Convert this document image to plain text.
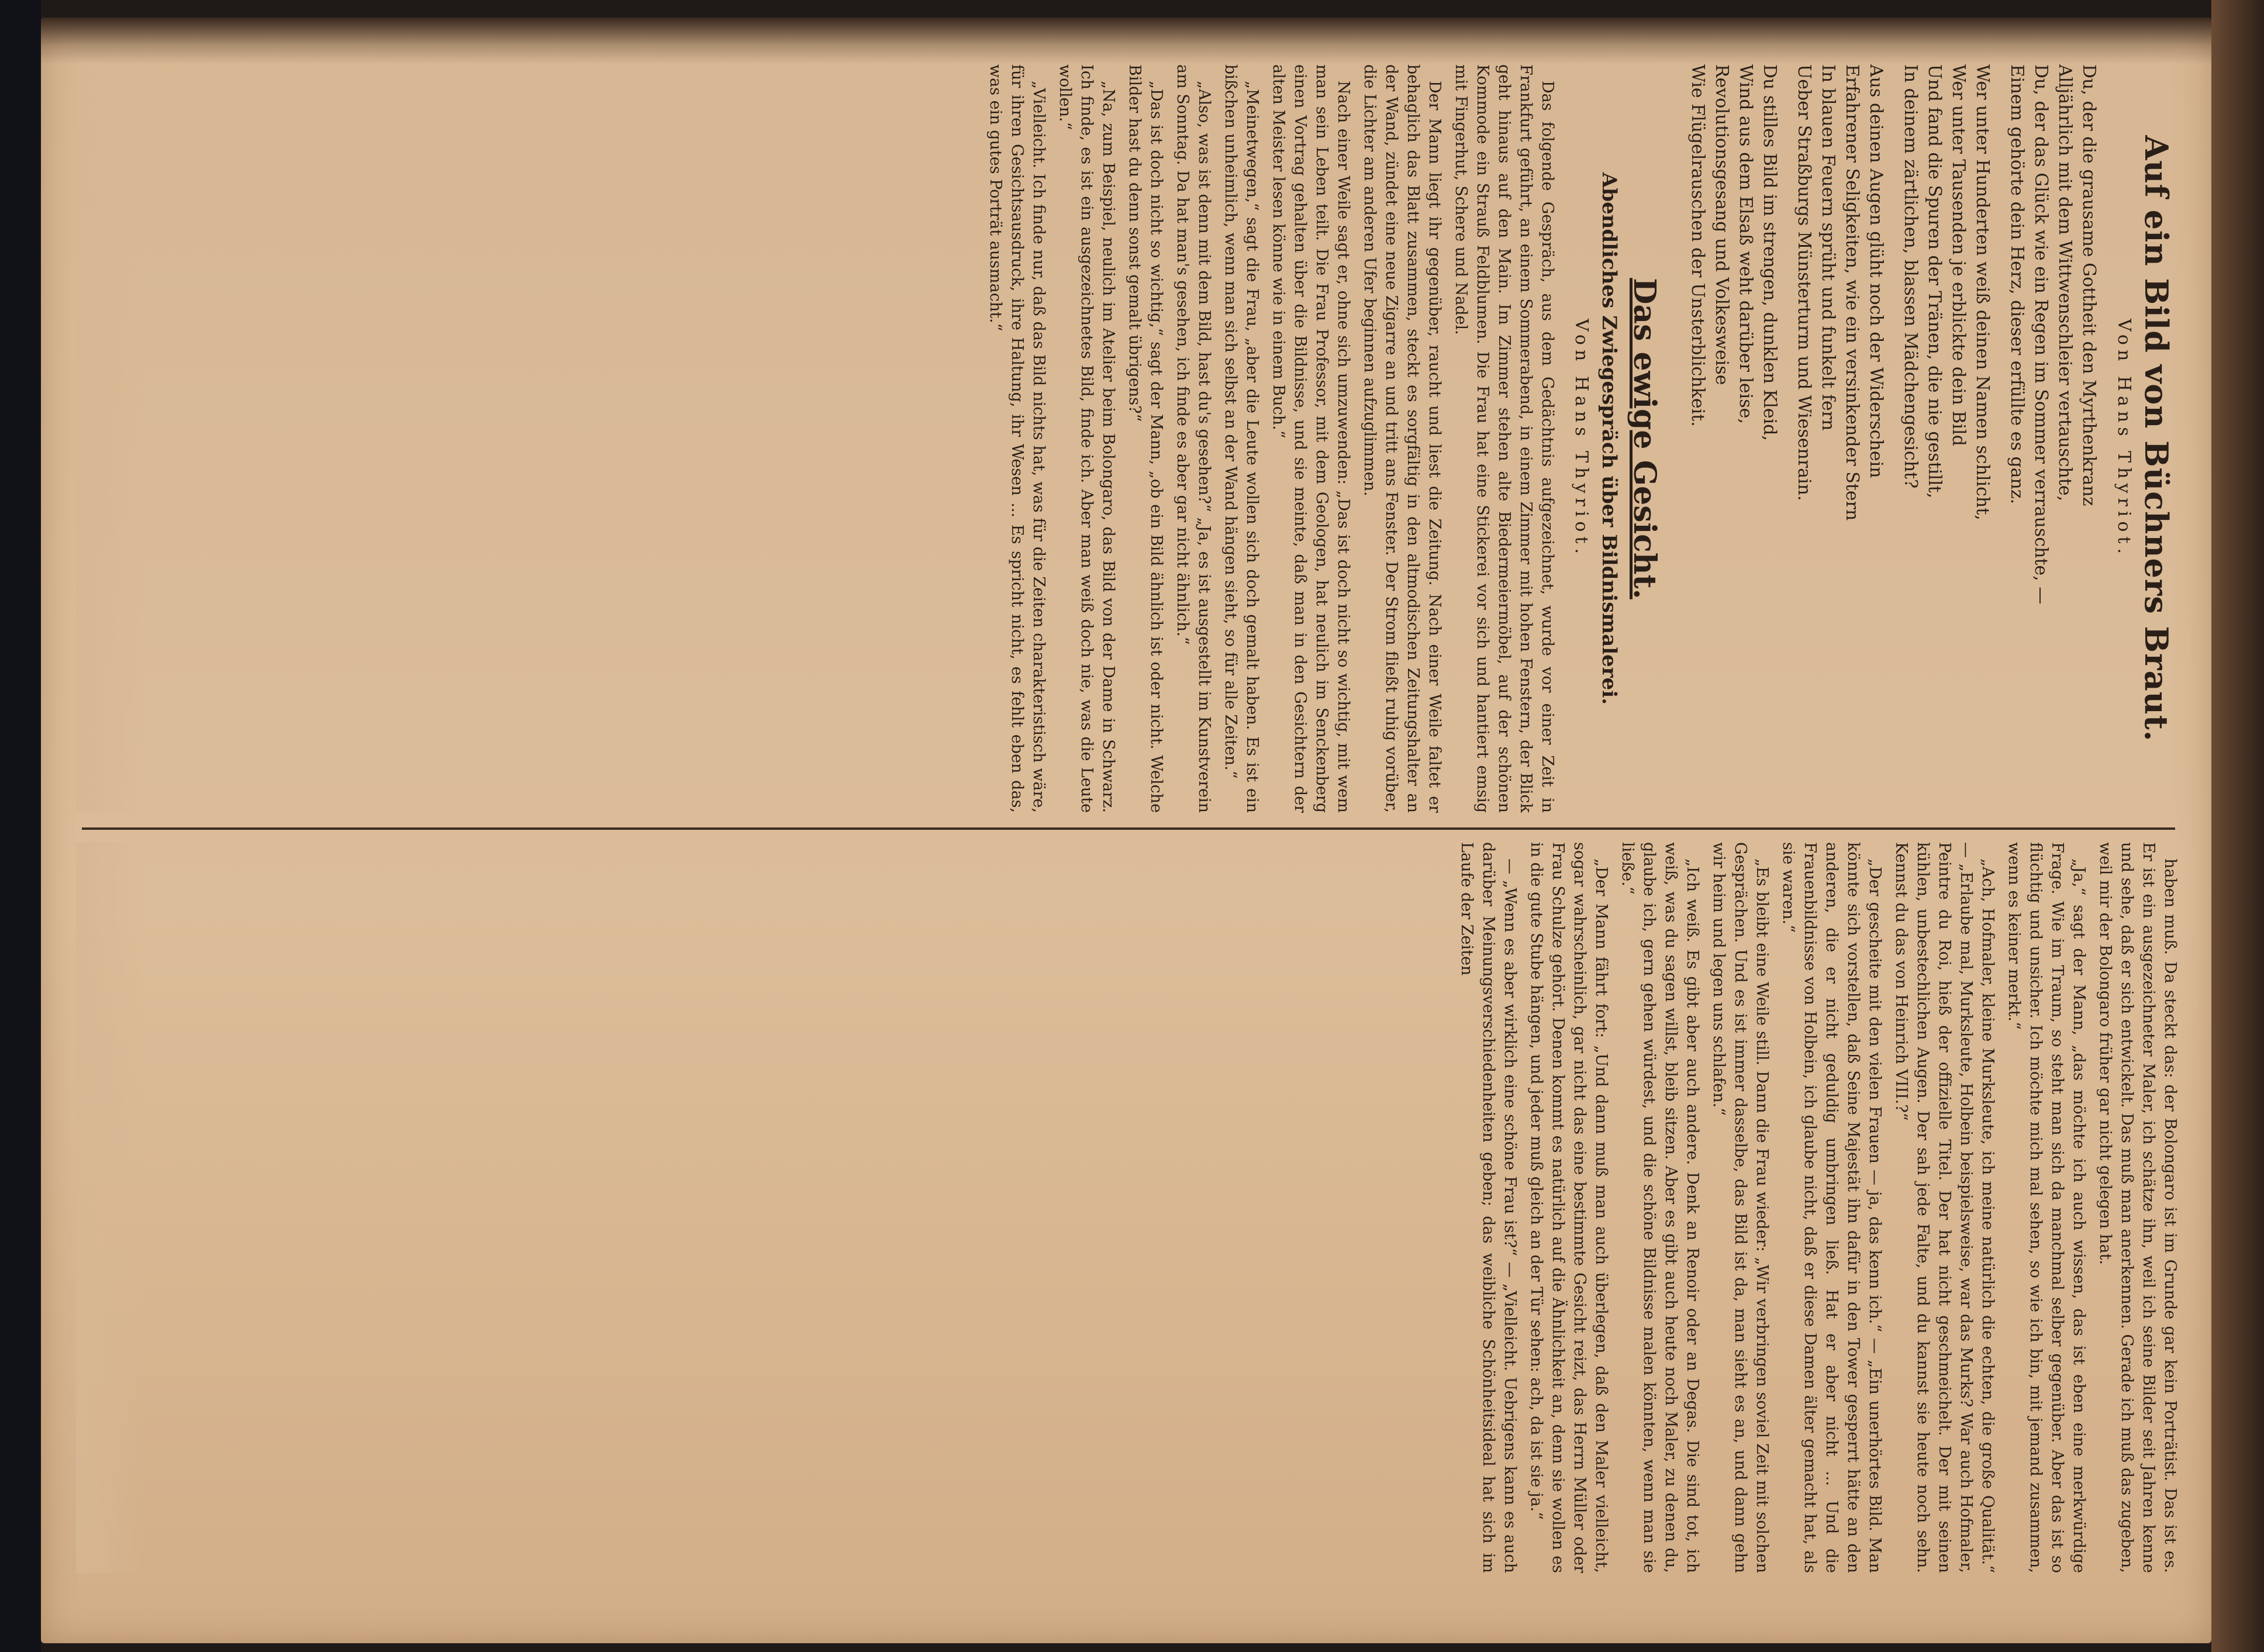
Auf ein Bild von Büchners Braut.
Von Hans Thyriot.
Du, der die grausame Gottheit den Myrthenkranz
Alljährlich mit dem Wittwenschleier vertauschte,
Du, der das Glück wie ein Regen im Sommer verrauschte, —
Einem gehörte dein Herz, dieser erfüllte es ganz.
Wer unter Hunderten weiß deinen Namen schlicht,
Wer unter Tausenden je erblickte dein Bild
Und fand die Spuren der Tränen, die nie gestillt,
In deinem zärtlichen, blassen Mädchengesicht?
Aus deinen Augen glüht noch der Widerschein
Erfahrener Seligkeiten, wie ein versinkender Stern
In blauen Feuern sprüht und funkelt fern
Ueber Straßburgs Münsterturm und Wiesenrain.
Du stilles Bild im strengen, dunklen Kleid,
Wind aus dem Elsaß weht darüber leise,
Revolutionsgesang und Volkesweise
Wie Flügelrauschen der Unsterblichkeit.
Das ewige Gesicht.
Abendliches Zwiegespräch über Bildnismalerei.
Von Hans Thyriot.

Das folgende Gespräch, aus dem Gedächtnis aufgezeichnet, wurde vor einer Zeit in Frankfurt geführt, an einem Sommerabend, in einem Zimmer mit hohen Fenstern, der Blick geht hinaus auf den Main. Im Zimmer stehen alte Biedermeiermöbel, auf der schönen Kommode ein Strauß Feldblumen. Die Frau hat eine Stickerei vor sich und hantiert emsig mit Fingerhut, Schere und Nadel.

Der Mann liegt ihr gegenüber, raucht und liest die Zeitung. Nach einer Weile faltet er behaglich das Blatt zusammen, steckt es sorgfältig in den altmodischen Zeitungshalter an der Wand, zündet eine neue Zigarre an und tritt ans Fenster. Der Strom fließt ruhig vorüber, die Lichter am anderen Ufer beginnen aufzuglimmen.

Nach einer Weile sagt er, ohne sich umzuwenden: „Das ist doch nicht so wichtig, mit wem man sein Leben teilt. Die Frau Professor, mit dem Geologen, hat neulich im Senckenberg einen Vortrag gehalten über die Bildnisse, und sie meinte, daß man in den Gesichtern der alten Meister lesen könne wie in einem Buch.“

„Meinetwegen,“ sagt die Frau, „aber die Leute wollen sich doch gemalt haben. Es ist ein bißchen unheimlich, wenn man sich selbst an der Wand hängen sieht, so für alle Zeiten.“

„Also, was ist denn mit dem Bild, hast du's gesehen?“ „Ja, es ist ausgestellt im Kunstverein am Sonntag. Da hat man's gesehen, ich finde es aber gar nicht ähnlich.“

„Das ist doch nicht so wichtig,“ sagt der Mann, „ob ein Bild ähnlich ist oder nicht. Welche Bilder hast du denn sonst gemalt übrigens?“

„Na, zum Beispiel, neulich im Atelier beim Bolongaro, das Bild von der Dame in Schwarz. Ich finde, es ist ein ausgezeichnetes Bild, finde ich. Aber man weiß doch nie, was die Leute wollen.“

„Vielleicht. Ich finde nur, daß das Bild nichts hat, was für die Zeiten charakteristisch wäre, für ihren Gesichtsausdruck, ihre Haltung, ihr Wesen ... Es spricht nicht, es fehlt eben das, was ein gutes Porträt ausmacht.“

haben muß. Da steckt das: der Bolongaro ist im Grunde gar kein Porträtist. Das ist es. Er ist ein ausgezeichneter Maler, ich schätze ihn, weil ich seine Bilder seit Jahren kenne und sehe, daß er sich entwickelt. Das muß man anerkennen. Gerade ich muß das zugeben, weil mir der Bolongaro früher gar nicht gelegen hat.

„Ja,“ sagt der Mann, „das möchte ich auch wissen, das ist eben eine merkwürdige Frage. Wie im Traum, so steht man sich da manchmal selber gegenüber. Aber das ist so flüchtig und unsicher. Ich möchte mich mal sehen, so wie ich bin, mit jemand zusammen, wenn es keiner merkt.“

„Ach, Hofmaler, kleine Murksleute, ich meine natürlich die echten, die große Qualität.“ — „Erlaube mal, Murksleute, Holbein beispielsweise, war das Murks? War auch Hofmaler, Peintre du Roi, hieß der offizielle Titel. Der hat nicht geschmeichelt. Der mit seinen kühlen, unbestechlichen Augen. Der sah jede Falte, und du kannst sie heute noch sehn. Kennst du das von Heinrich VIII.?“

„Der gescheite mit den vielen Frauen — ja, das kenn ich.“ — „Ein unerhörtes Bild. Man könnte sich vorstellen, daß Seine Majestät ihn dafür in den Tower gesperrt hätte an den anderen, die er nicht geduldig umbringen ließ. Hat er aber nicht ... Und die Frauenbildnisse von Holbein, ich glaube nicht, daß er diese Damen älter gemacht hat, als sie waren.“

„Es bleibt eine Weile still. Dann die Frau wieder: „Wir verbringen soviel Zeit mit solchen Gesprächen. Und es ist immer dasselbe, das Bild ist da, man sieht es an, und dann gehn wir heim und legen uns schlafen.“

„Ich weiß. Es gibt aber auch andere. Denk an Renoir oder an Degas. Die sind tot, ich weiß, was du sagen willst, bleib sitzen. Aber es gibt auch heute noch Maler, zu denen du, glaube ich, gern gehen würdest, und die schöne Bildnisse malen könnten, wenn man sie ließe.“

„Der Mann fährt fort: „Und dann muß man auch überlegen, daß den Maler vielleicht, sogar wahrscheinlich, gar nicht das eine bestimmte Gesicht reizt, das Herrn Müller oder Frau Schulze gehört. Denen kommt es natürlich auf die Ähnlichkeit an, denn sie wollen es in die gute Stube hängen, und jeder muß gleich an der Tür sehen: ach, da ist sie ja.“

— „Wenn es aber wirklich eine schöne Frau ist?“ — „Vielleicht. Uebrigens kann es auch darüber Meinungsverschiedenheiten geben; das weibliche Schönheitsideal hat sich im Laufe der Zeiten
